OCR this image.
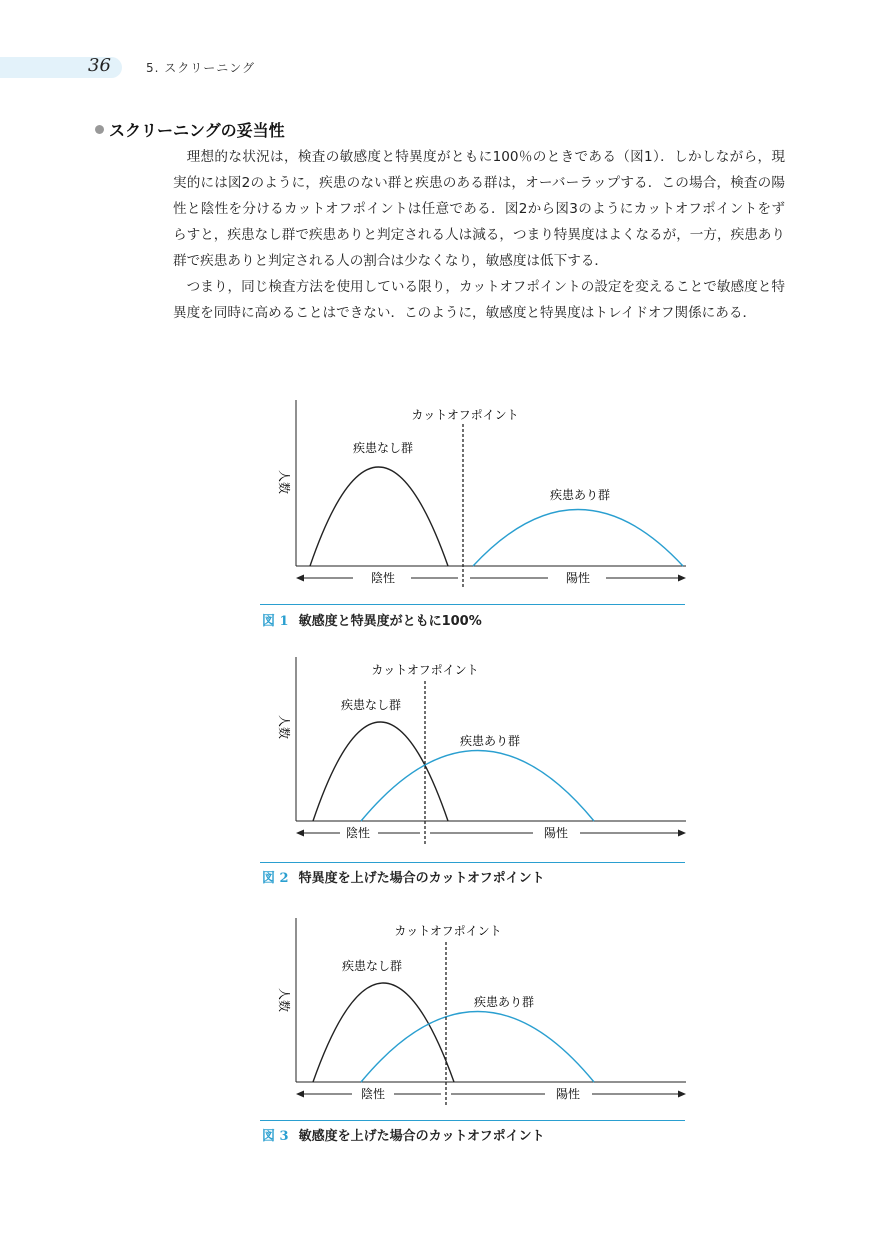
36	5. スクリーニング
スクリーニングの妥当性

理想的な状況は，検査の敏感度と特異度がともに100％のときである（図1）．しかしながら，現実的には図2のように，疾患のない群と疾患のある群は，オーバーラップする．この場合，検査の陽性と陰性を分けるカットオフポイントは任意である．図2から図3のようにカットオフポイントをずらすと，疾患なし群で疾患ありと判定される人は減る，つまり特異度はよくなるが，一方，疾患あり群で疾患ありと判定される人の割合は少なくなり，敏感度は低下する．

つまり，同じ検査方法を使用している限り，カットオフポイントの設定を変えることで敏感度と特異度を同時に高めることはできない．このように，敏感度と特異度はトレイドオフ関係にある．

人数
カットオフポイント
疾患なし群
疾患あり群
陰性	陽性
図 1 敏感度と特異度がともに100%
人数
カットオフポイント
疾患なし群
疾患あり群
陰性	陽性
図 2 特異度を上げた場合のカットオフポイント
人数
カットオフポイント
疾患なし群
疾患あり群
陰性	陽性
図 3 敏感度を上げた場合のカットオフポイント
